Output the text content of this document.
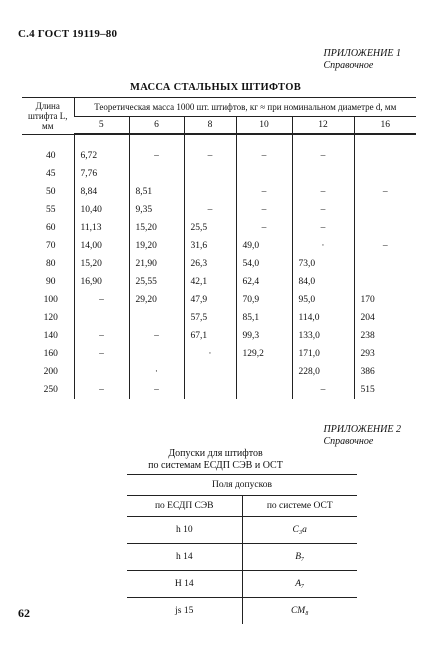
С.4 ГОСТ 19119–80
ПРИЛОЖЕНИЕ 1
Справочное
МАССА СТАЛЬНЫХ ШТИФТОВ
Длина штифта L, мм	Теоретическая масса 1000 шт. штифтов, кг ≈ при номинальном диаметре d, мм					
	5	6	8	10	12	16

40	6,72	–	–	–	–	
45	7,76					
50	8,84	8,51		–	–	–
55	10,40	9,35	–	–	–	
60	11,13	15,20	25,5	–	–	
70	14,00	19,20	31,6	49,0	·	–
80	15,20	21,90	26,3	54,0	73,0	
90	16,90	25,55	42,1	62,4	84,0	
100	–	29,20	47,9	70,9	95,0	170
120			57,5	85,1	114,0	204
140	–	–	67,1	99,3	133,0	238
160	–		·	129,2	171,0	293
200		·			228,0	386
250	–	–			–	515
ПРИЛОЖЕНИЕ 2
Справочное
Допуски для штифтов
по системам ЕСДП СЭВ и ОСТ
Поля допусков	
по ЕСДП СЭВ	по системе ОСТ
h 10	С₃а
h 14	В₇
Н 14	А₇
js 15	СМ₈
62
